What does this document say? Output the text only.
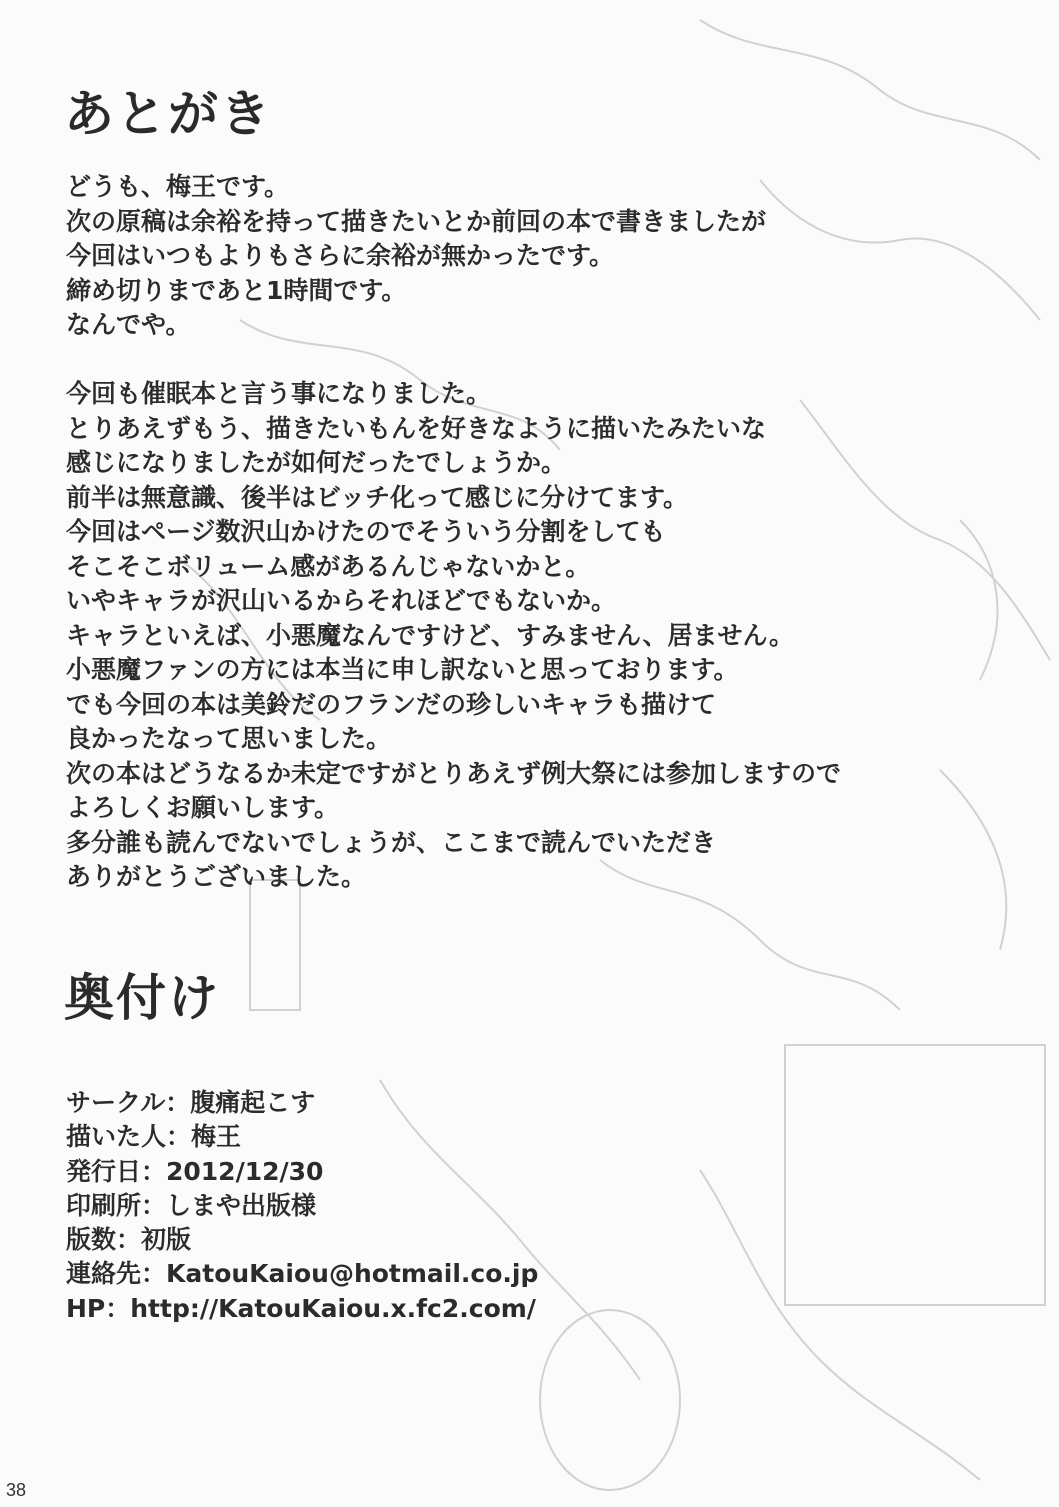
あとがき
どうも、梅王です。
次の原稿は余裕を持って描きたいとか前回の本で書きましたが
今回はいつもよりもさらに余裕が無かったです。
締め切りまであと1時間です。
なんでや。
今回も催眠本と言う事になりました。
とりあえずもう、描きたいもんを好きなように描いたみたいな
感じになりましたが如何だったでしょうか。
前半は無意識、後半はビッチ化って感じに分けてます。
今回はページ数沢山かけたのでそういう分割をしても
そこそこボリューム感があるんじゃないかと。
いやキャラが沢山いるからそれほどでもないか。
キャラといえば、小悪魔なんですけど、すみません、居ません。
小悪魔ファンの方には本当に申し訳ないと思っております。
でも今回の本は美鈴だのフランだの珍しいキャラも描けて
良かったなって思いました。
次の本はどうなるか未定ですがとりあえず例大祭には参加しますので
よろしくお願いします。
多分誰も読んでないでしょうが、ここまで読んでいただき
ありがとうございました。
奥付け
サークル：腹痛起こす
描いた人：梅王
発行日：2012/12/30
印刷所：しまや出版様
版数：初版
連絡先：KatouKaiou@hotmail.co.jp
HP：http://KatouKaiou.x.fc2.com/
38
